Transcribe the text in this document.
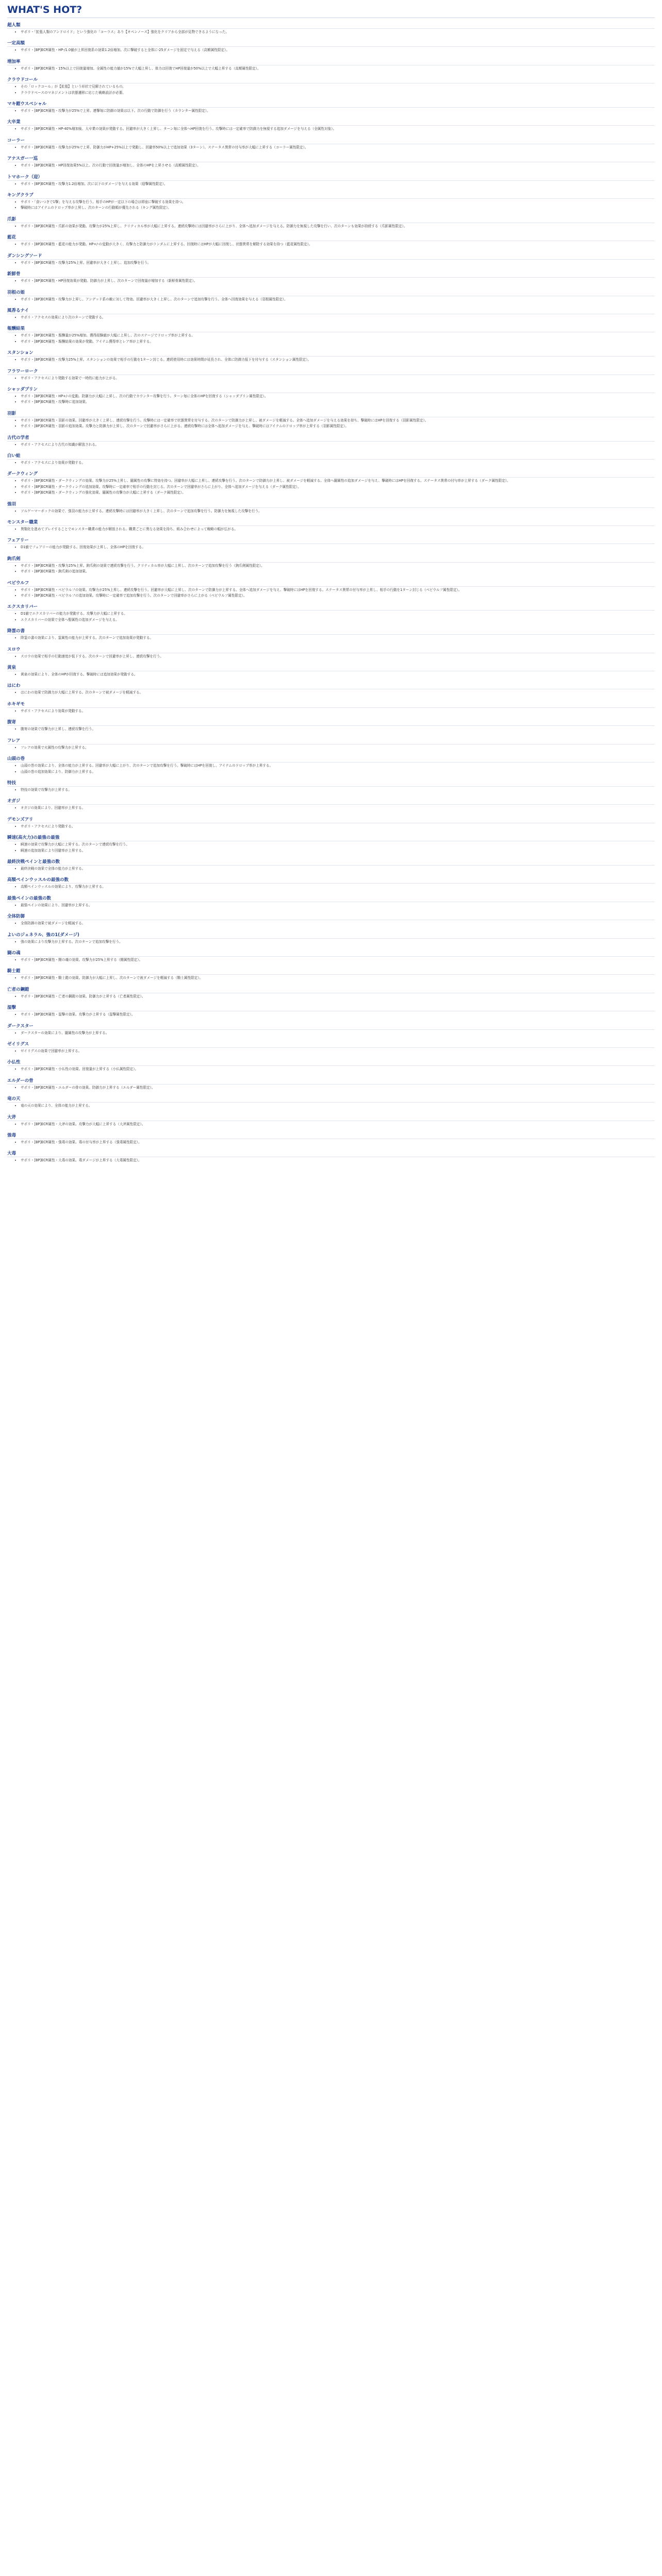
WHAT'S HOT?
超人類
• サポリ・「拡張人類のアンドロイド」という強化の「コーラス」あり【オペンノース】強化をクリアから全部が見物できるようになった。
一定高額
• サポリ・[BP]ECR属性・HP-/1.0値が上昇回復系の効果1.2倍増加。次に撃破すると全体に-25ダメージを固定で与える（高額属性限定）。
増加率
• サポリ・[BP]ECR属性・15%以上で回復量増加。全属性の能力値が15%で大幅上昇し、体力は回復でHP回復量が50%以上で大幅上昇する（高額属性限定）。
クラウドコール
• その「ロックコール」が【拡張】という形状で見解されているもの。
• クラウドベースのマネジメントは状態遷移に応じた戦略設計が必要。
マキ鎧ウスペシャル
• サポリ・[BP]ECR属性・攻撃力が25%で上昇。連撃毎に防御の効果は以下。次の行動で防御を行う（カウンター属性限定）。
大卒業
• サポリ・[BP]ECR属性・HP-40%増加後、大卒業の効果が発動する。回避率が大きく上昇し、ターン毎に全体へHP回復を行う。攻撃時には一定確率で防御力を無視する追加ダメージを与える（全属性対象）。
コーラー
• サポリ・[BP]ECR属性・攻撃力が25%で上昇。防御力がHP+25%以上で発動し、回避率50%以上で追加効果（3ターン）。ステータス異常の付与率が大幅に上昇する（コーラー属性限定）。
アナスガー一巡
• サポリ・[BP]ECR属性・HP回復効果5%以上。次の行動で回復量が増加し、全体のHPを上昇させる（高額属性限定）。
トマホーク（迎）
• サポリ・[BP]ECR属性・攻撃力1.2倍増加。次に以下のダメージを与える効果（迎撃属性限定）。
キングクラブ
• サポリ・「食いつきで1撃」を与える攻撃を行う。相手のHPが一定以下の場合は即座に撃破する効果を持つ。
• 撃破時にはアイテムのドロップ率が上昇し、次のターンの行動順が優先される（キング属性限定）。
爪影
• サポリ・[BP]ECR属性・爪影の効果が発動。攻撃力が25%上昇し、クリティカル率が大幅に上昇する。連続攻撃時には回避率がさらに上がり、全体へ追加ダメージを与える。防御力を無視した攻撃を行い、次のターンも効果が持続する（爪影属性限定）。
藍花
• サポリ・[BP]ECR属性・藍花の能力が発動。HP+/-の変動が大きく、攻撃力と防御力がランダムに上昇する。回復時にはHPが大幅に回復し、状態異常を解除する効果を持つ（藍花属性限定）。
ダンシングソード
• サポリ・[BP]ECR属性・攻撃力25%上昇。回避率が大きく上昇し、追加攻撃を行う。
新鮮骨
• サポリ・[BP]ECR属性・HP回復効果が発動。防御力が上昇し、次のターンで回復量が増加する（新鮮骨属性限定）。
羽根の姫
• サポリ・[BP]ECR属性・攻撃力が上昇し、アンデッド系の敵に対して特効。回避率が大きく上昇し、次のターンで追加攻撃を行う。全体へ回復効果を与える（羽根属性限定）。
風香るナイ
• サポリ・アクセスの効果により次のターンで発動する。
報酬結果
• サポリ・[BP]ECR属性・報酬量が25%増加。獲得経験値が大幅に上昇し、次のステージでドロップ率が上昇する。
• サポリ・[BP]ECR属性・報酬結果の効果が発動。アイテム獲得率とレア率が上昇する。
スタンション
• サポリ・[BP]ECR属性・攻撃力25%上昇。スタンションの効果で相手の行動を1ターン封じる。連続使用時には効果時間が延長され、全体に防御力低下を付与する（スタンション属性限定）。
フラワーローク
• サポリ・アクセスにより発動する効果で一時的に能力が上がる。
シャッダプリン
• サポリ・[BP]ECR属性・HP+/-の変動。防御力が大幅に上昇し、次の行動でカウンター攻撃を行う。ターン毎に全体のHPを回復する（シャッダプリン属性限定）。
• サポリ・[BP]ECR属性・攻撃時に追加効果。
羽影
• サポリ・[BP]ECR属性・羽影の効果。回避率が大きく上昇し、連続攻撃を行う。攻撃時には一定確率で状態異常を付与する。次のターンで防御力が上昇し、被ダメージを軽減する。全体へ追加ダメージを与える効果を持ち、撃破時にはHPを回復する（羽影属性限定）。
• サポリ・[BP]ECR属性・羽影の追加効果。攻撃力と防御力が上昇し、次のターンで回避率がさらに上がる。連続攻撃時には全体へ追加ダメージを与え、撃破時にはアイテムのドロップ率が上昇する（羽影属性限定）。
古代の学者
• サポリ・アクセスにより古代の知識が解放される。
白い蛙
• サポリ・アクセスにより効果が発動する。
ダークウィング
• サポリ・[BP]ECR属性・ダークウィングの効果。攻撃力が25%上昇し、闇属性の攻撃に特効を持つ。回避率が大幅に上昇し、連続攻撃を行う。次のターンで防御力が上昇し、被ダメージを軽減する。全体へ闇属性の追加ダメージを与え、撃破時にはHPを回復する。ステータス異常の付与率が上昇する（ダーク属性限定）。
• サポリ・[BP]ECR属性・ダークウィングの追加効果。攻撃時に一定確率で相手の行動を封じる。次のターンで回避率がさらに上がり、全体へ追加ダメージを与える（ダーク属性限定）。
• サポリ・[BP]ECR属性・ダークウィングの強化効果。闇属性の攻撃力が大幅に上昇する（ダーク属性限定）。
強羽
• ソルゲーマーボックの効果で、強羽の能力が上昇する。連続攻撃時には回避率が大きく上昇し、次のターンで追加攻撃を行う。防御力を無視した攻撃を行う。
モンスター職業
• 異類化を進めてプレイすることでモンスター職業の能力が解放される。職業ごとに異なる効果を持ち、組み合わせによって戦略の幅が広がる。
フェアリー
• D1値でフェアリーの能力が発動する。回復効果が上昇し、全体のHPを回復する。
鉤爪剣
• サポリ・[BP]ECR属性・攻撃力25%上昇。鉤爪剣の効果で連続攻撃を行う。クリティカル率が大幅に上昇し、次のターンで追加攻撃を行う（鉤爪剣属性限定）。
• サポリ・[BP]ECR属性・鉤爪剣の追加効果。
ベビウルフ
• サポリ・[BP]ECR属性・ベビウルフの効果。攻撃力が25%上昇し、連続攻撃を行う。回避率が大幅に上昇し、次のターンで防御力が上昇する。全体へ追加ダメージを与え、撃破時にはHPを回復する。ステータス異常の付与率が上昇し、相手の行動を1ターン封じる（ベビウルフ属性限定）。
• サポリ・[BP]ECR属性・ベビウルフの追加効果。攻撃時に一定確率で追加攻撃を行う。次のターンで回避率がさらに上がる（ベビウルフ属性限定）。
エクスカリバー
• D1値でエクスカリバーの能力が発動する。攻撃力が大幅に上昇する。
• エクスカリバーの効果で全体へ聖属性の追加ダメージを与える。
降霊の書
• 降霊の書の効果により、霊属性の能力が上昇する。次のターンで追加効果が発動する。
スロウ
• スロウの効果で相手の行動速度が低下する。次のターンで回避率が上昇し、連続攻撃を行う。
黄泉
• 黄泉の効果により、全体のHPが回復する。撃破時には追加効果が発動する。
はにわ
• はにわの効果で防御力が大幅に上昇する。次のターンで被ダメージを軽減する。
ホキギモ
• サポリ・アクセスにより効果が発動する。
腹寄
• 腹寄の効果で攻撃力が上昇し、連続攻撃を行う。
フレア
• フレアの効果で火属性の攻撃力が上昇する。
山頭の巻
• 山頭の巻の効果により、全体の能力が上昇する。回避率が大幅に上がり、次のターンで追加攻撃を行う。撃破時にはHPを回復し、アイテムのドロップ率が上昇する。
• 山頭の巻の追加効果により、防御力が上昇する。
特技
• 特技の効果で攻撃力が上昇する。
オガジ
• オガジの効果により、回避率が上昇する。
デモンズアリ
• サポリ・アクセスにより発動する。
瞬速(高火力)の最強の最強
• 瞬速の効果で攻撃力が大幅に上昇する。次のターンで連続攻撃を行う。
• 瞬速の追加効果により回避率が上昇する。
最終決戦ペインと最強の数
• 最終決戦の効果で全体の能力が上昇する。
高額ペインウッスルの最強の数
• 高額ペインウッスルの効果により、攻撃力が上昇する。
最強ペインの最強の数
• 最強ペインの効果により、回避率が上昇する。
全体防御
• 全体防御の効果で被ダメージを軽減する。
よいのジェネラル、強の1(ダメージ)
• 強の効果により攻撃力が上昇する。次のターンで追加攻撃を行う。
闘の魂
• サポリ・[BP]ECR属性・闘の魂の効果。攻撃力が25%上昇する（闘属性限定）。
騎士鎧
• サポリ・[BP]ECR属性・騎士鎧の効果。防御力が大幅に上昇し、次のターンで被ダメージを軽減する（騎士属性限定）。
亡者の鋼鎧
• サポリ・[BP]ECR属性・亡者の鋼鎧の効果。防御力が上昇する（亡者属性限定）。
湿撃
• サポリ・[BP]ECR属性・湿撃の効果。攻撃力が上昇する（湿撃属性限定）。
ダークスター
• ダークスターの効果により、闇属性の攻撃力が上昇する。
ゼイリグス
• ゼイリグスの効果で回避率が上昇する。
小仏性
• サポリ・[BP]ECR属性・小仏性の効果。回復量が上昇する（小仏属性限定）。
エルダーの骨
• サポリ・[BP]ECR属性・エルダーの骨の効果。防御力が上昇する（エルダー属性限定）。
竜の天
• 竜の天の効果により、全体の能力が上昇する。
大斧
• サポリ・[BP]ECR属性・大斧の効果。攻撃力が大幅に上昇する（大斧属性限定）。
強毒
• サポリ・[BP]ECR属性・強毒の効果。毒の付与率が上昇する（強毒属性限定）。
大毒
• サポリ・[BP]ECR属性・大毒の効果。毒ダメージが上昇する（大毒属性限定）。
